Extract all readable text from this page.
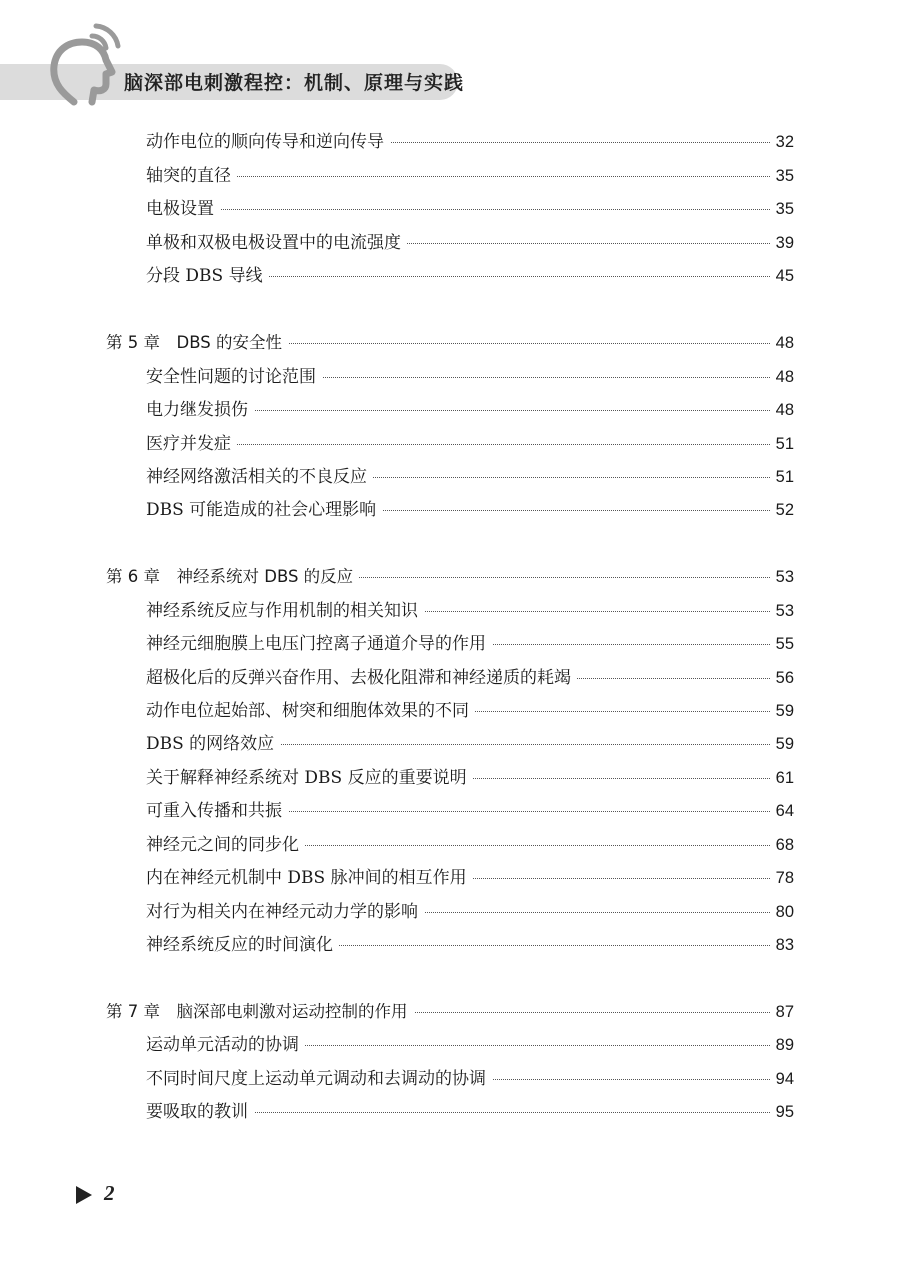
脑深部电刺激程控：机制、原理与实践
动作电位的顺向传导和逆向传导	32
轴突的直径	35
电极设置	35
单极和双极电极设置中的电流强度	39
分段 DBS 导线	45
第 5 章　DBS 的安全性	48
安全性问题的讨论范围	48
电力继发损伤	48
医疗并发症	51
神经网络激活相关的不良反应	51
DBS 可能造成的社会心理影响	52
第 6 章　神经系统对 DBS 的反应	53
神经系统反应与作用机制的相关知识	53
神经元细胞膜上电压门控离子通道介导的作用	55
超极化后的反弹兴奋作用、去极化阻滞和神经递质的耗竭	56
动作电位起始部、树突和细胞体效果的不同	59
DBS 的网络效应	59
关于解释神经系统对 DBS 反应的重要说明	61
可重入传播和共振	64
神经元之间的同步化	68
内在神经元机制中 DBS 脉冲间的相互作用	78
对行为相关内在神经元动力学的影响	80
神经系统反应的时间演化	83
第 7 章　脑深部电刺激对运动控制的作用	87
运动单元活动的协调	89
不同时间尺度上运动单元调动和去调动的协调	94
要吸取的教训	95
2
